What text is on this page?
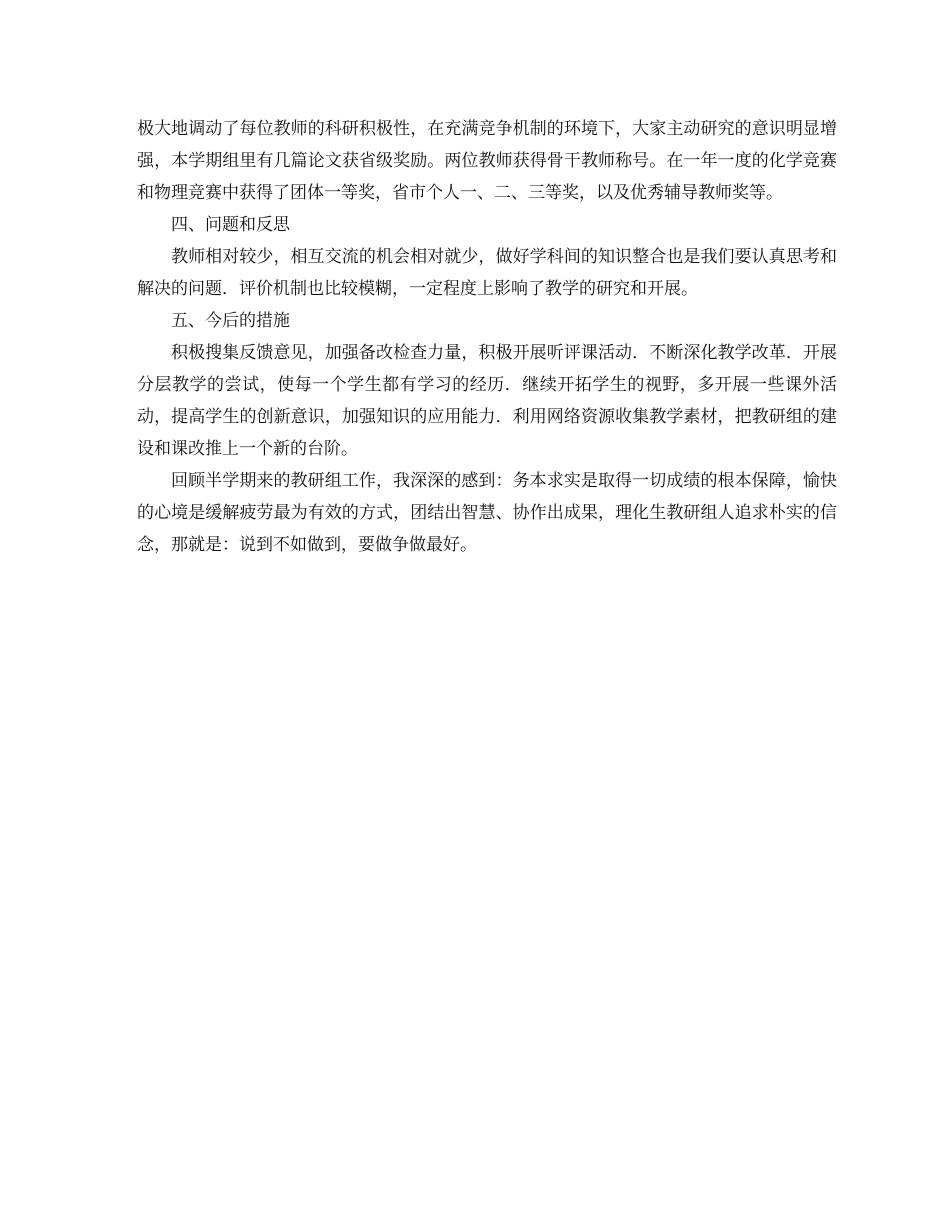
极大地调动了每位教师的科研积极性，在充满竞争机制的环境下，大家主动研究的意识明显增强，本学期组里有几篇论文获省级奖励。两位教师获得骨干教师称号。在一年一度的化学竞赛和物理竞赛中获得了团体一等奖，省市个人一、二、三等奖，以及优秀辅导教师奖等。

四、问题和反思

教师相对较少，相互交流的机会相对就少，做好学科间的知识整合也是我们要认真思考和解决的问题．评价机制也比较模糊，一定程度上影响了教学的研究和开展。

五、今后的措施

积极搜集反馈意见，加强备改检查力量，积极开展听评课活动．不断深化教学改革．开展分层教学的尝试，使每一个学生都有学习的经历．继续开拓学生的视野，多开展一些课外活动，提高学生的创新意识，加强知识的应用能力．利用网络资源收集教学素材，把教研组的建设和课改推上一个新的台阶。

回顾半学期来的教研组工作，我深深的感到：务本求实是取得一切成绩的根本保障，愉快的心境是缓解疲劳最为有效的方式，团结出智慧、协作出成果，理化生教研组人追求朴实的信念，那就是：说到不如做到，要做争做最好。
